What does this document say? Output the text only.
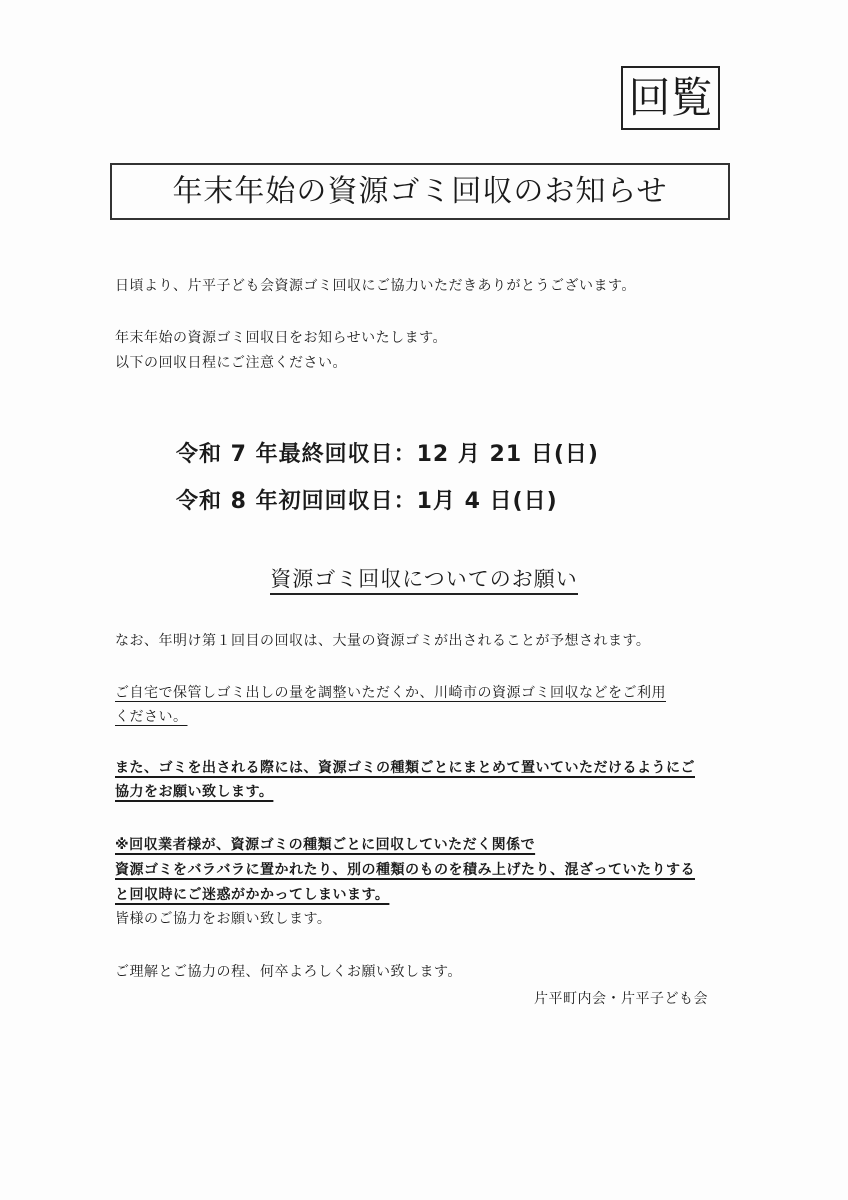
回覧
年末年始の資源ゴミ回収のお知らせ
日頃より、片平子ども会資源ゴミ回収にご協力いただきありがとうございます。
年末年始の資源ゴミ回収日をお知らせいたします。
以下の回収日程にご注意ください。
令和 7 年最終回収日：12 月 21 日(日)
令和 8 年初回回収日：1月 4 日(日)
資源ゴミ回収についてのお願い
なお、年明け第１回目の回収は、大量の資源ゴミが出されることが予想されます。
ご自宅で保管しゴミ出しの量を調整いただくか、川崎市の資源ゴミ回収などをご利用
ください。
また、ゴミを出される際には、資源ゴミの種類ごとにまとめて置いていただけるようにご
協力をお願い致します。
※回収業者様が、資源ゴミの種類ごとに回収していただく関係で
資源ゴミをバラバラに置かれたり、別の種類のものを積み上げたり、混ざっていたりする
と回収時にご迷惑がかかってしまいます。
皆様のご協力をお願い致します。
ご理解とご協力の程、何卒よろしくお願い致します。
片平町内会・片平子ども会
